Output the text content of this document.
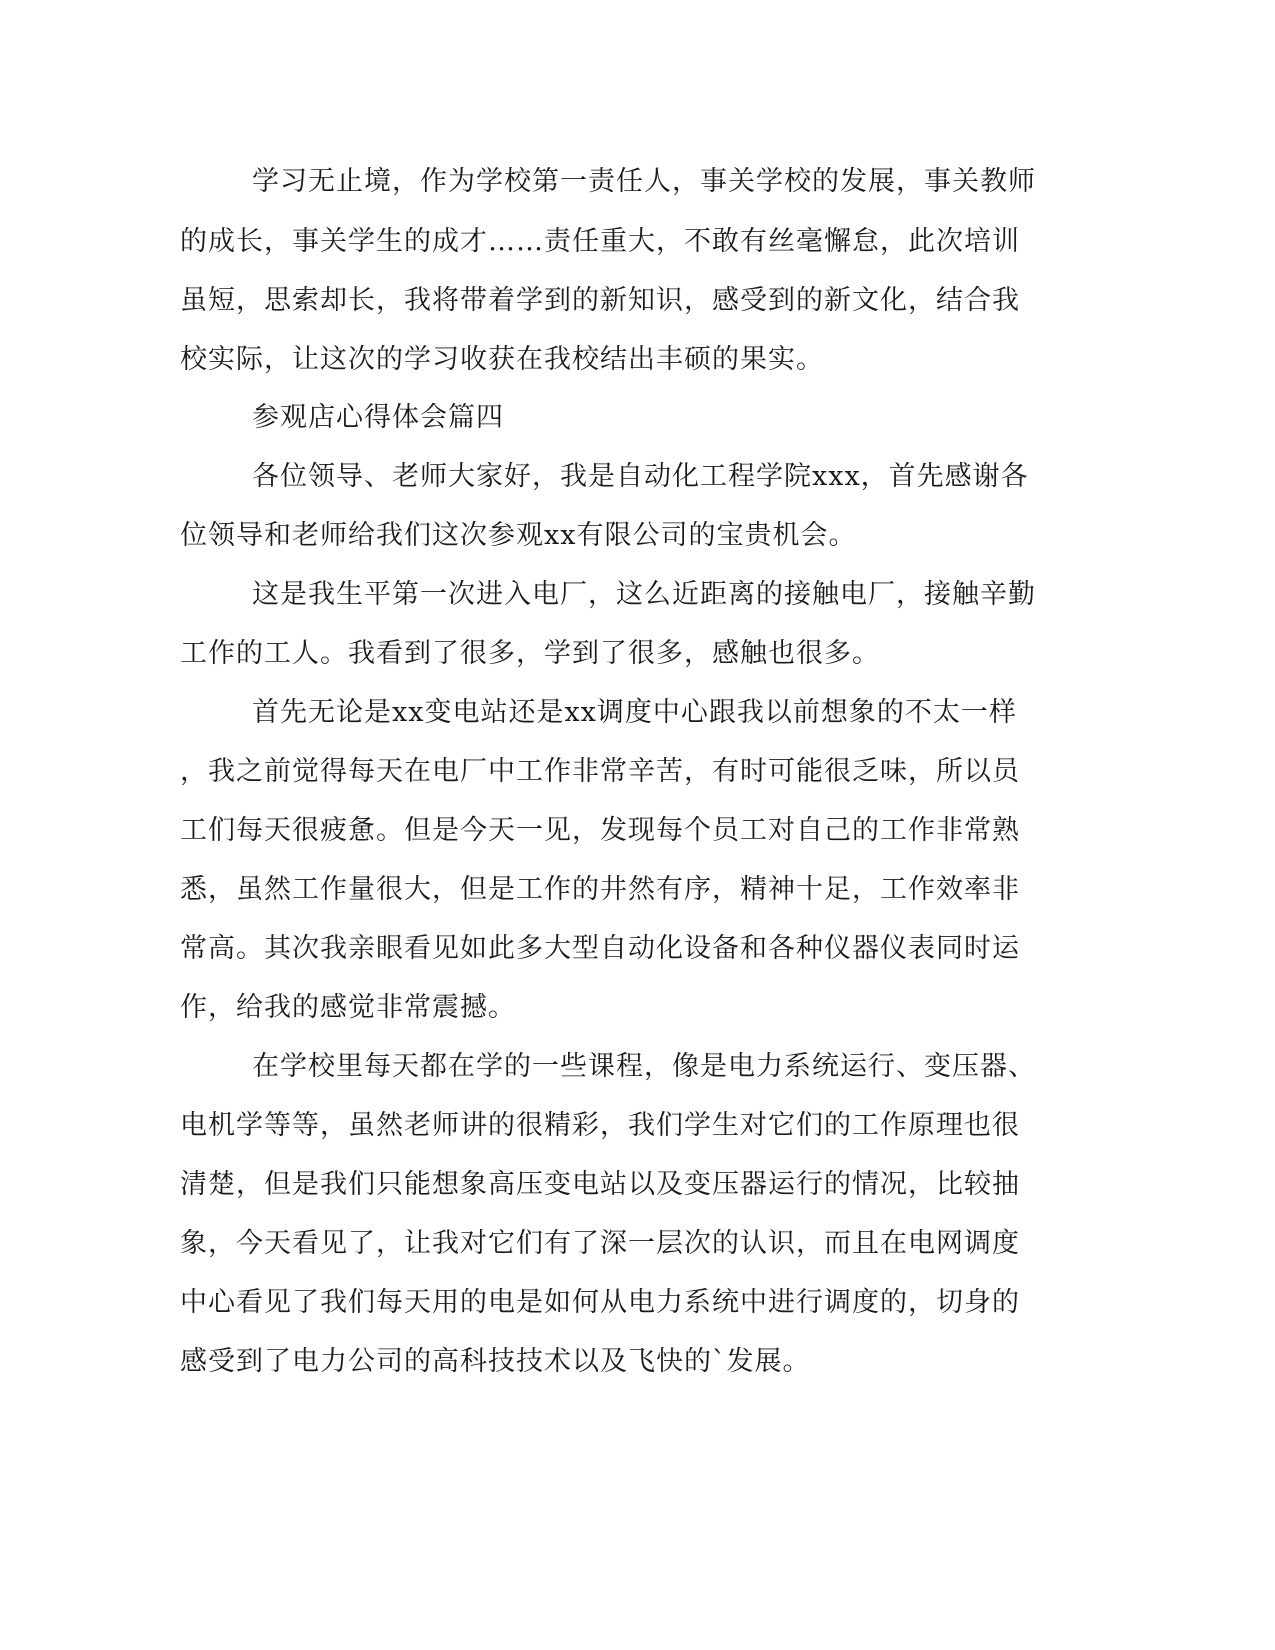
学习无止境，作为学校第一责任人，事关学校的发展，事关教师
的成长，事关学生的成才……责任重大，不敢有丝毫懈怠，此次培训
虽短，思索却长，我将带着学到的新知识，感受到的新文化，结合我
校实际，让这次的学习收获在我校结出丰硕的果实。
参观店心得体会篇四
各位领导、老师大家好，我是自动化工程学院xxx，首先感谢各
位领导和老师给我们这次参观xx有限公司的宝贵机会。
这是我生平第一次进入电厂，这么近距离的接触电厂，接触辛勤
工作的工人。我看到了很多，学到了很多，感触也很多。
首先无论是xx变电站还是xx调度中心跟我以前想象的不太一样
，我之前觉得每天在电厂中工作非常辛苦，有时可能很乏味，所以员
工们每天很疲惫。但是今天一见，发现每个员工对自己的工作非常熟
悉，虽然工作量很大，但是工作的井然有序，精神十足，工作效率非
常高。其次我亲眼看见如此多大型自动化设备和各种仪器仪表同时运
作，给我的感觉非常震撼。
在学校里每天都在学的一些课程，像是电力系统运行、变压器、
电机学等等，虽然老师讲的很精彩，我们学生对它们的工作原理也很
清楚，但是我们只能想象高压变电站以及变压器运行的情况，比较抽
象，今天看见了，让我对它们有了深一层次的认识，而且在电网调度
中心看见了我们每天用的电是如何从电力系统中进行调度的，切身的
感受到了电力公司的高科技技术以及飞快的`发展。
